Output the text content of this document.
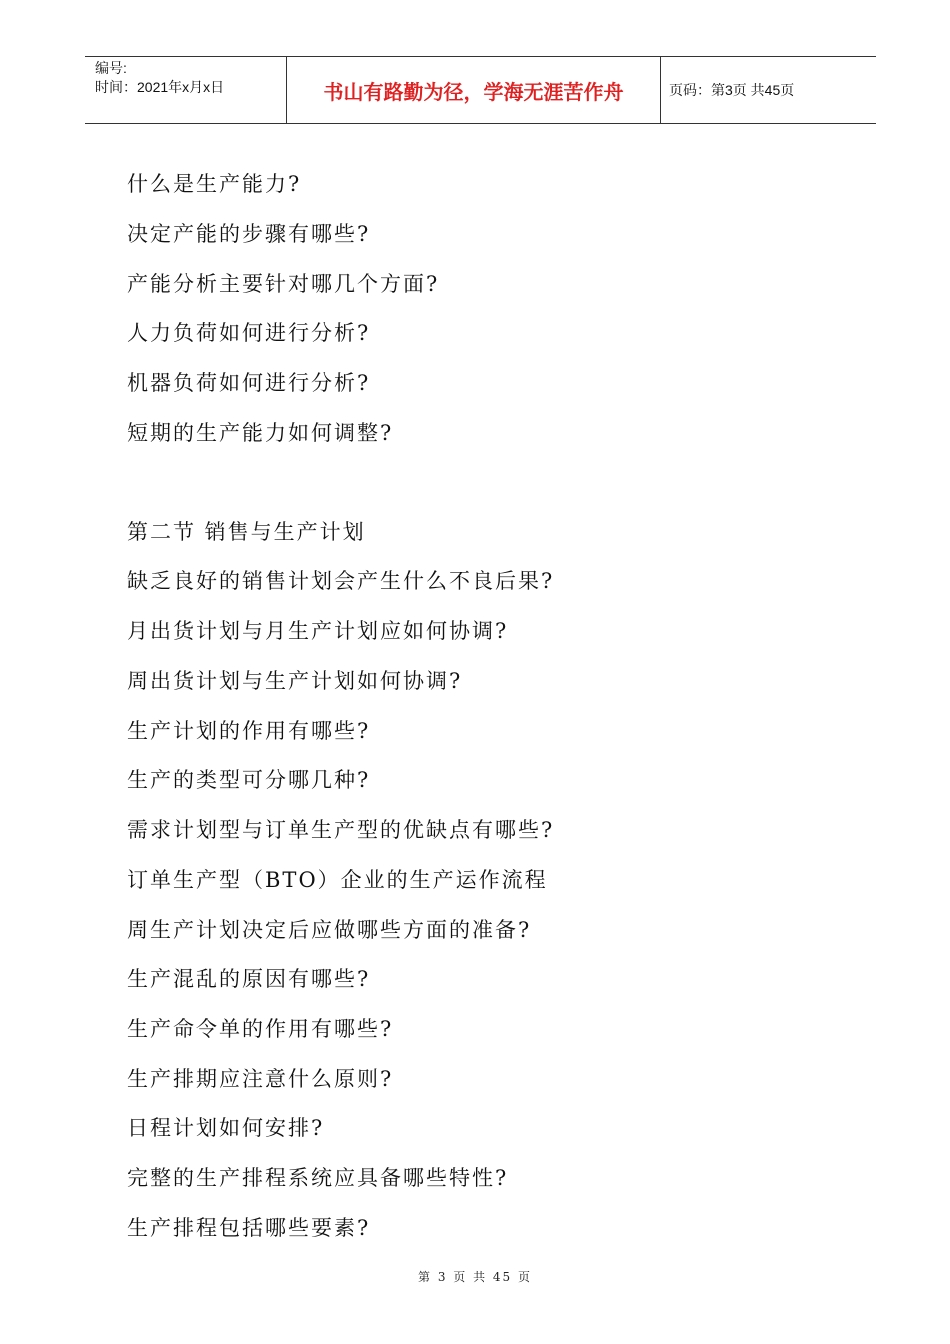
编号:
时间：2021年x月x日	书山有路勤为径，学海无涯苦作舟	页码：第3页 共45页
什么是生产能力?
决定产能的步骤有哪些?
产能分析主要针对哪几个方面?
人力负荷如何进行分析?
机器负荷如何进行分析?
短期的生产能力如何调整?
第二节 销售与生产计划
缺乏良好的销售计划会产生什么不良后果?
月出货计划与月生产计划应如何协调?
周出货计划与生产计划如何协调?
生产计划的作用有哪些?
生产的类型可分哪几种?
需求计划型与订单生产型的优缺点有哪些?
订单生产型（BTO）企业的生产运作流程
周生产计划决定后应做哪些方面的准备?
生产混乱的原因有哪些?
生产命令单的作用有哪些?
生产排期应注意什么原则?
日程计划如何安排?
完整的生产排程系统应具备哪些特性?
生产排程包括哪些要素?
第 3 页 共 45 页
